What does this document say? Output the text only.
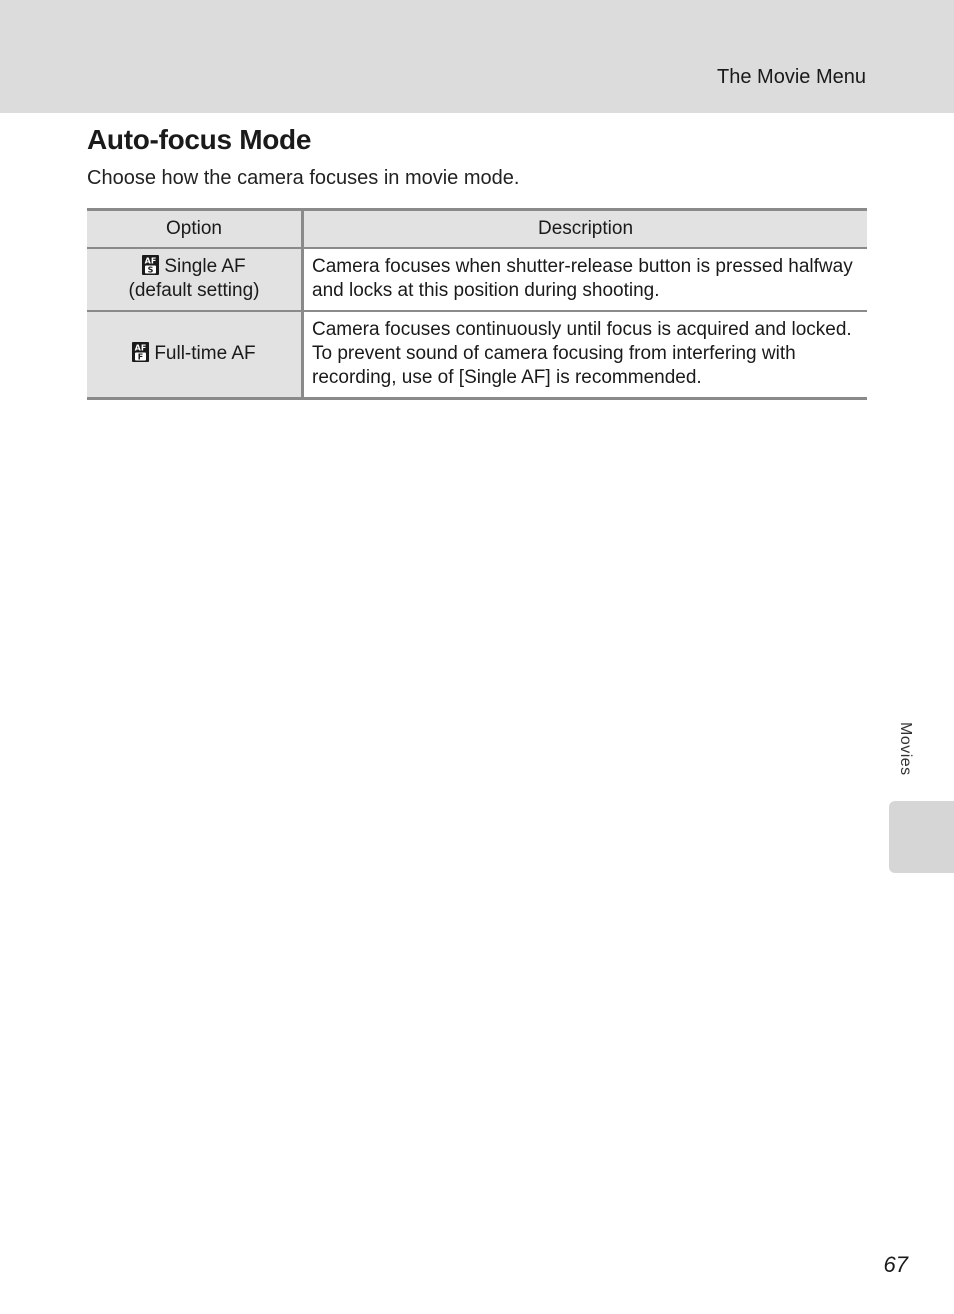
The Movie Menu
Auto-focus Mode

Choose how the camera focuses in movie mode.

Option	Description

AF
S Single AF
(default setting)	Camera focuses when shutter-release button is pressed halfway and locks at this position during shooting.

AF
F Full-time AF	Camera focuses continuously until focus is acquired and locked. To prevent sound of camera focusing from interfering with recording, use of [Single AF] is recommended.
Movies
67
